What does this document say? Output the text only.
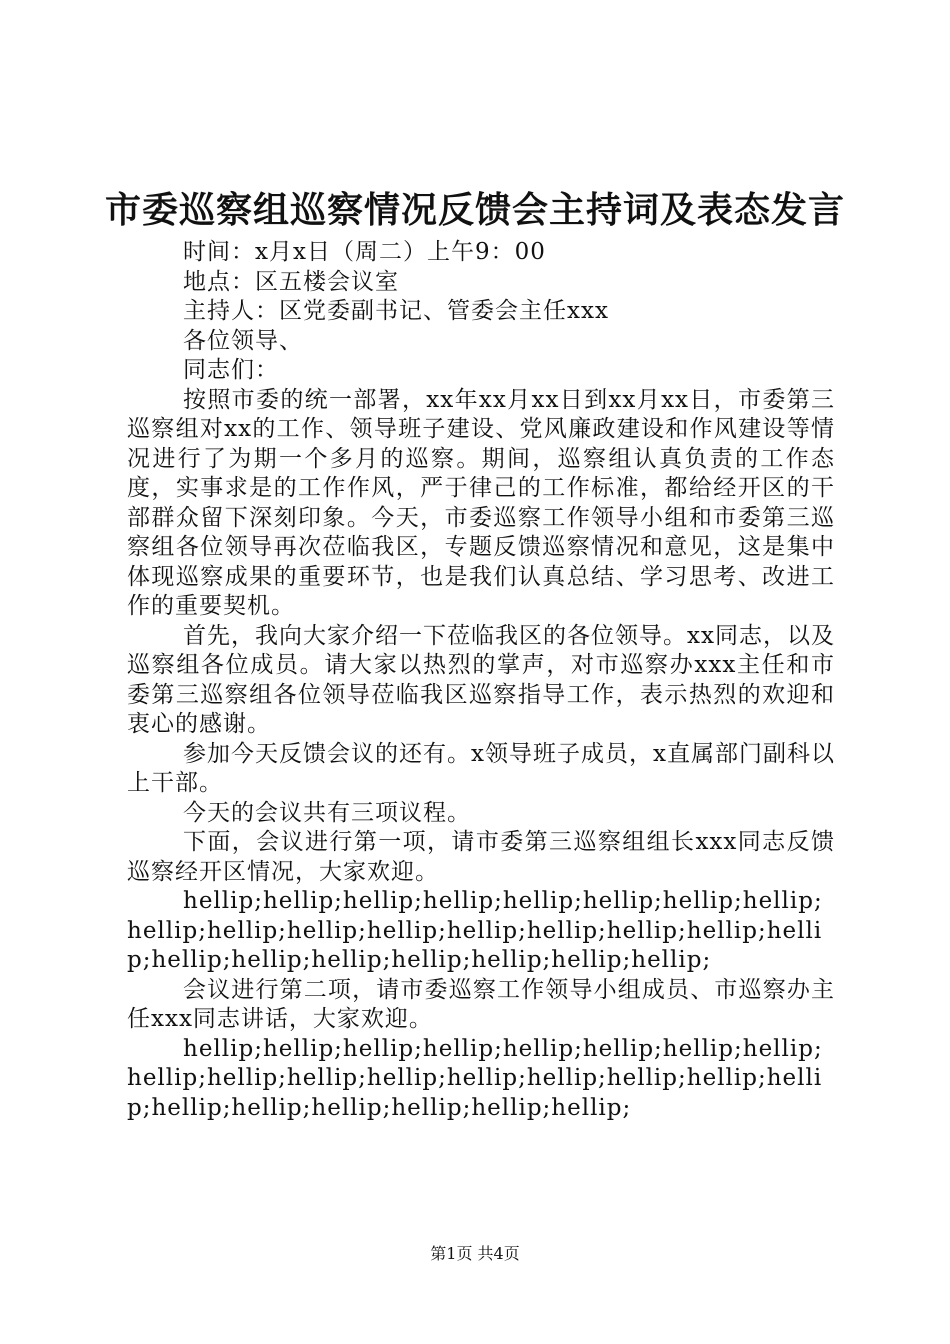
市委巡察组巡察情况反馈会主持词及表态发言

时间：x月x日（周二）上午9：00

地点：区五楼会议室

主持人：区党委副书记、管委会主任xxx

各位领导、

同志们：

按照市委的统一部署，xx年xx月xx日到xx月xx日，市委第三巡察组对xx的工作、领导班子建设、党风廉政建设和作风建设等情况进行了为期一个多月的巡察。期间，巡察组认真负责的工作态度，实事求是的工作作风，严于律己的工作标准，都给经开区的干部群众留下深刻印象。今天，市委巡察工作领导小组和市委第三巡察组各位领导再次莅临我区，专题反馈巡察情况和意见，这是集中体现巡察成果的重要环节，也是我们认真总结、学习思考、改进工作的重要契机。

首先，我向大家介绍一下莅临我区的各位领导。xx同志，以及巡察组各位成员。请大家以热烈的掌声，对市巡察办xxx主任和市委第三巡察组各位领导莅临我区巡察指导工作，表示热烈的欢迎和衷心的感谢。

参加今天反馈会议的还有。x领导班子成员，x直属部门副科以上干部。

今天的会议共有三项议程。

下面，会议进行第一项，请市委第三巡察组组长xxx同志反馈巡察经开区情况，大家欢迎。

hellip;hellip;hellip;hellip;hellip;hellip;hellip;hellip;hellip;hellip;hellip;hellip;hellip;hellip;hellip;hellip;hellip;hellip;hellip;hellip;hellip;hellip;hellip;hellip;

会议进行第二项，请市委巡察工作领导小组成员、市巡察办主任xxx同志讲话，大家欢迎。

hellip;hellip;hellip;hellip;hellip;hellip;hellip;hellip;hellip;hellip;hellip;hellip;hellip;hellip;hellip;hellip;hellip;hellip;hellip;hellip;hellip;hellip;hellip;

第1页 共4页
